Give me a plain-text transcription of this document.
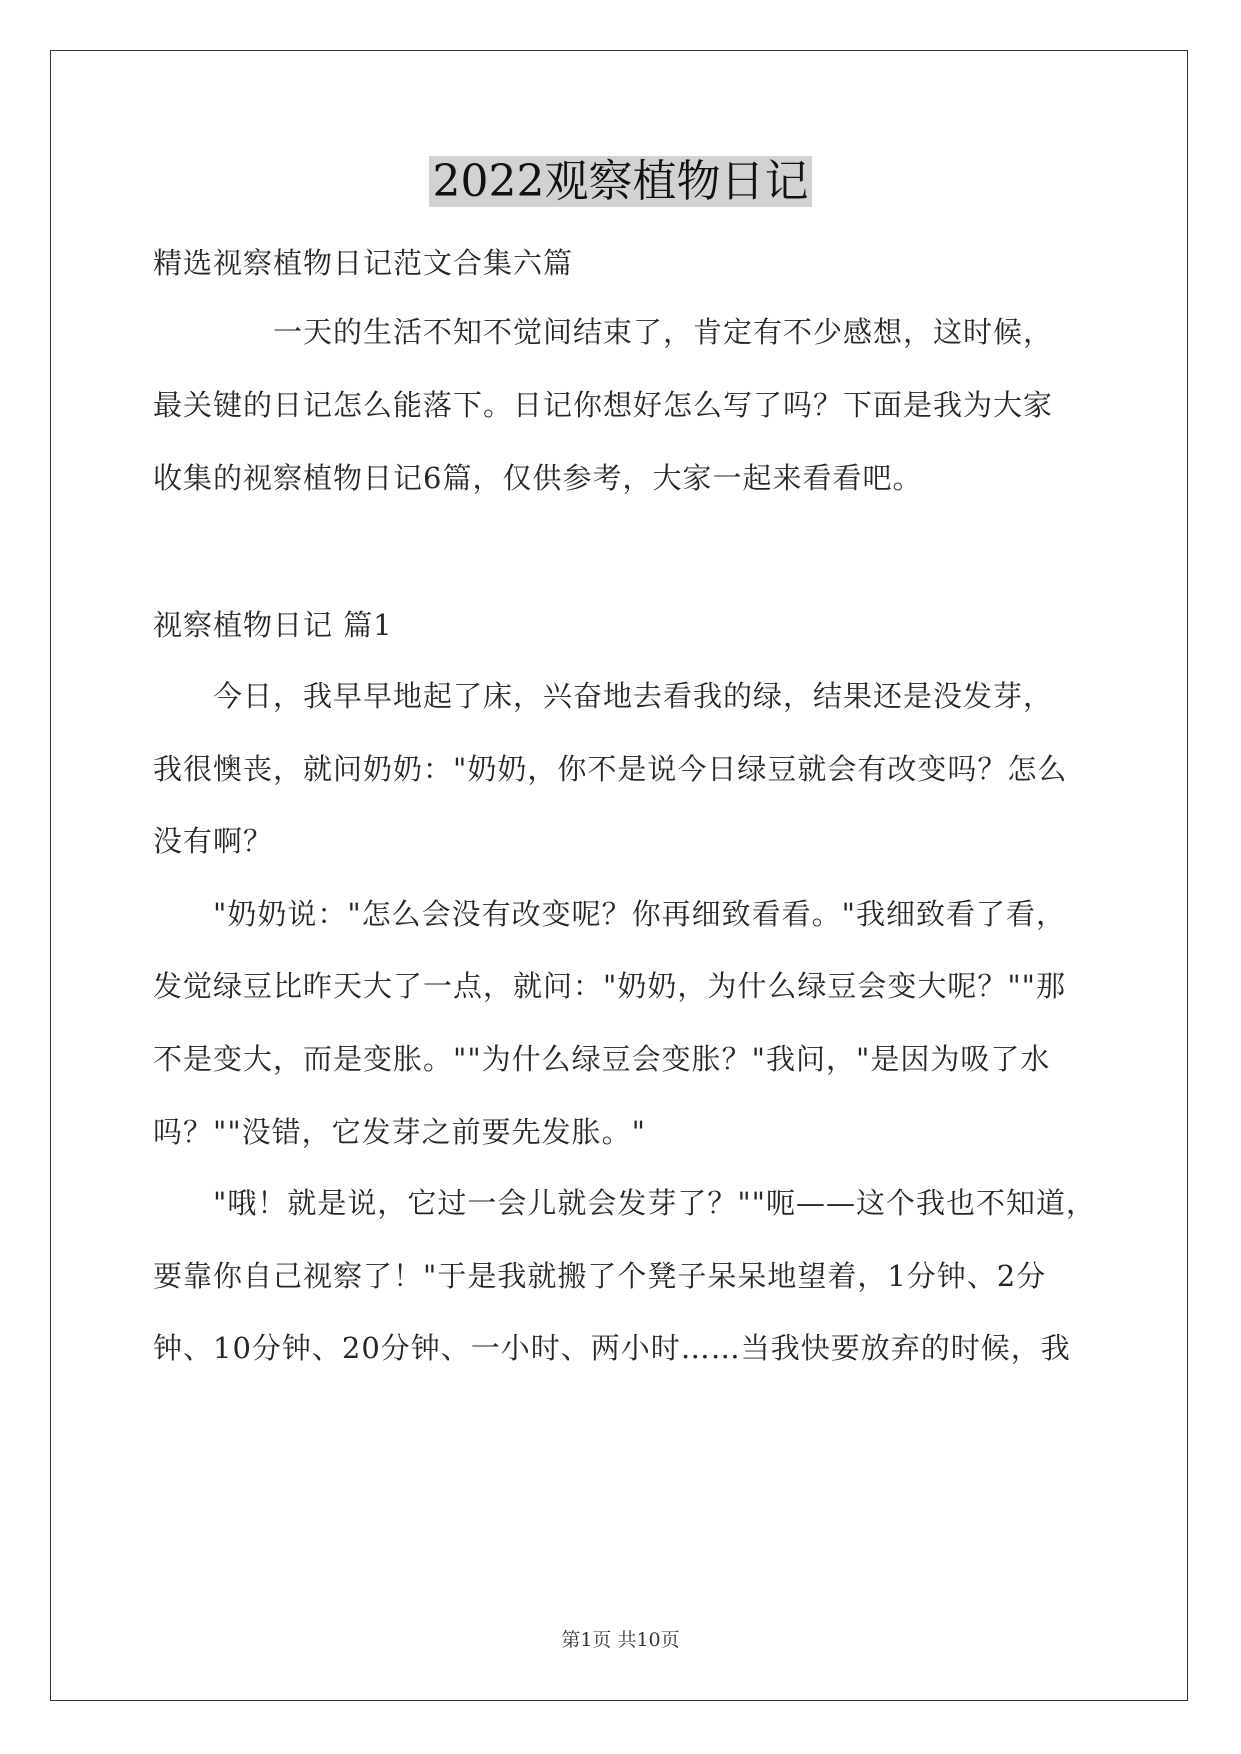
2022观察植物日记
精选视察植物日记范文合集六篇
一天的生活不知不觉间结束了，肯定有不少感想，这时候，
最关键的日记怎么能落下。日记你想好怎么写了吗？下面是我为大家
收集的视察植物日记6篇，仅供参考，大家一起来看看吧。
视察植物日记 篇1
今日，我早早地起了床，兴奋地去看我的绿，结果还是没发芽，
我很懊丧，就问奶奶："奶奶，你不是说今日绿豆就会有改变吗？怎么
没有啊？
"奶奶说："怎么会没有改变呢？你再细致看看。"我细致看了看，
发觉绿豆比昨天大了一点，就问："奶奶，为什么绿豆会变大呢？""那
不是变大，而是变胀。""为什么绿豆会变胀？"我问，"是因为吸了水
吗？""没错，它发芽之前要先发胀。"
"哦！就是说，它过一会儿就会发芽了？""呃——这个我也不知道，
要靠你自己视察了！"于是我就搬了个凳子呆呆地望着，1分钟、2分
钟、10分钟、20分钟、一小时、两小时……当我快要放弃的时候，我
第1页 共10页
